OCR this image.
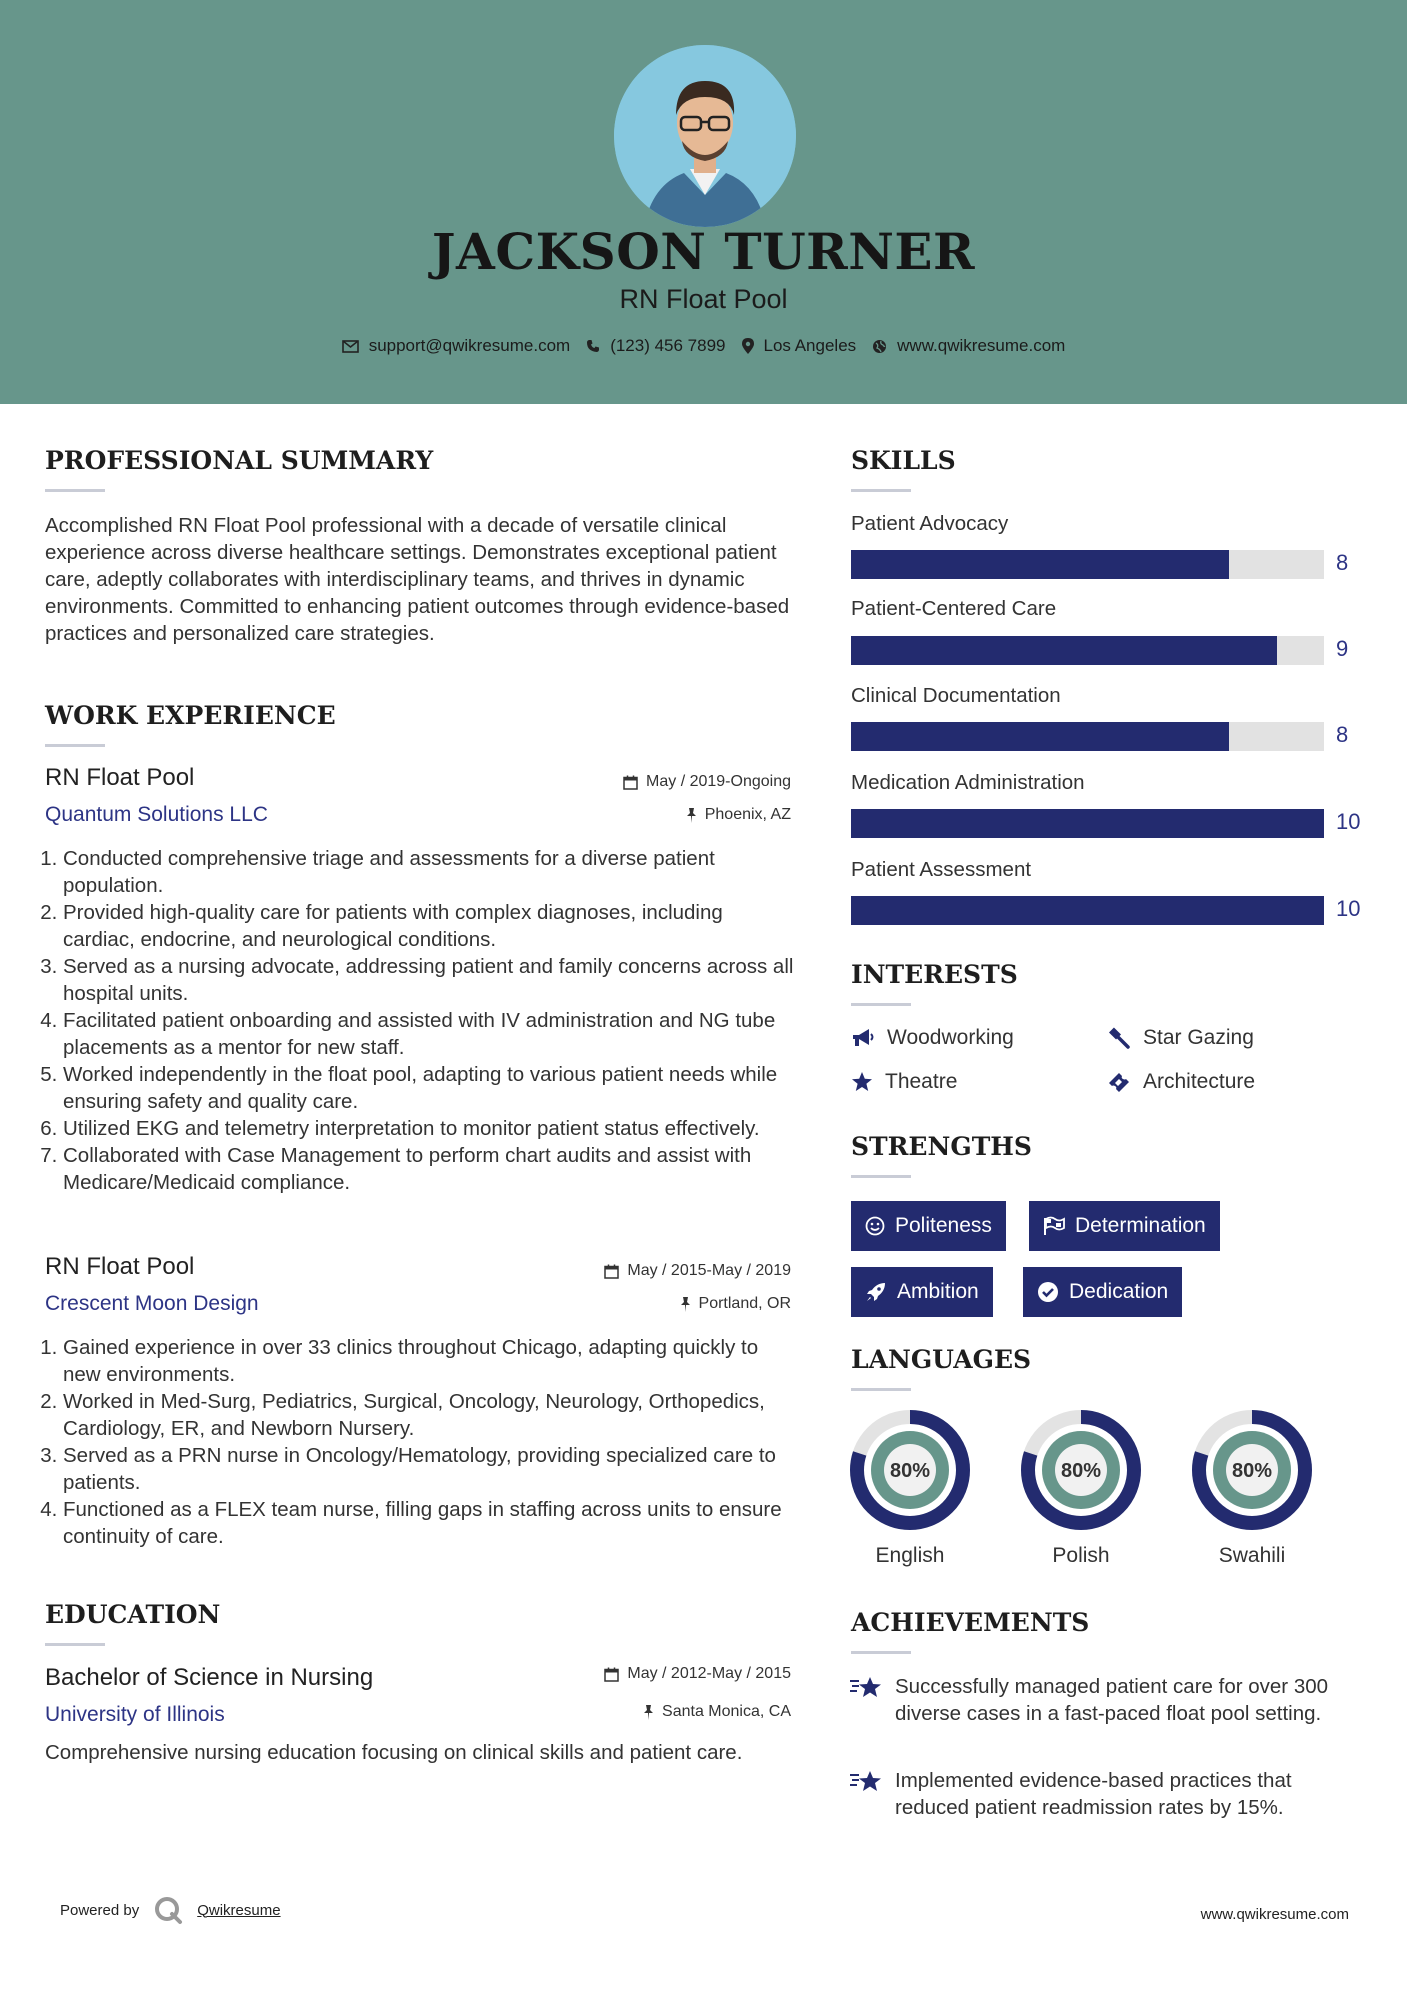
JACKSON TURNER
RN Float Pool
support@qwikresume.com (123) 456 7899 Los Angeles www.qwikresume.com
PROFESSIONAL SUMMARY
Accomplished RN Float Pool professional with a decade of versatile clinical experience across diverse healthcare settings. Demonstrates exceptional patient care, adeptly collaborates with interdisciplinary teams, and thrives in dynamic environments. Committed to enhancing patient outcomes through evidence-based practices and personalized care strategies.
WORK EXPERIENCE
RN Float Pool	May / 2019-Ongoing
Quantum Solutions LLC	Phoenix, AZ
1. Conducted comprehensive triage and assessments for a diverse patient population.
2. Provided high-quality care for patients with complex diagnoses, including cardiac, endocrine, and neurological conditions.
3. Served as a nursing advocate, addressing patient and family concerns across all hospital units.
4. Facilitated patient onboarding and assisted with IV administration and NG tube placements as a mentor for new staff.
5. Worked independently in the float pool, adapting to various patient needs while ensuring safety and quality care.
6. Utilized EKG and telemetry interpretation to monitor patient status effectively.
7. Collaborated with Case Management to perform chart audits and assist with Medicare/Medicaid compliance.
RN Float Pool	May / 2015-May / 2019
Crescent Moon Design	Portland, OR
1. Gained experience in over 33 clinics throughout Chicago, adapting quickly to new environments.
2. Worked in Med-Surg, Pediatrics, Surgical, Oncology, Neurology, Orthopedics, Cardiology, ER, and Newborn Nursery.
3. Served as a PRN nurse in Oncology/Hematology, providing specialized care to patients.
4. Functioned as a FLEX team nurse, filling gaps in staffing across units to ensure continuity of care.
EDUCATION
Bachelor of Science in Nursing	May / 2012-May / 2015
University of Illinois	Santa Monica, CA
Comprehensive nursing education focusing on clinical skills and patient care.
SKILLS
Patient Advocacy
8
Patient-Centered Care
9
Clinical Documentation
8
Medication Administration
10
Patient Assessment
10
INTERESTS
Woodworking	Star Gazing
Theatre	Architecture
STRENGTHS
Politeness	Determination
Ambition	Dedication
LANGUAGES
80%
English
80%
Polish
80%
Swahili
ACHIEVEMENTS
Successfully managed patient care for over 300 diverse cases in a fast-paced float pool setting.
Implemented evidence-based practices that reduced patient readmission rates by 15%.
Powered by	Qwikresume	www.qwikresume.com
